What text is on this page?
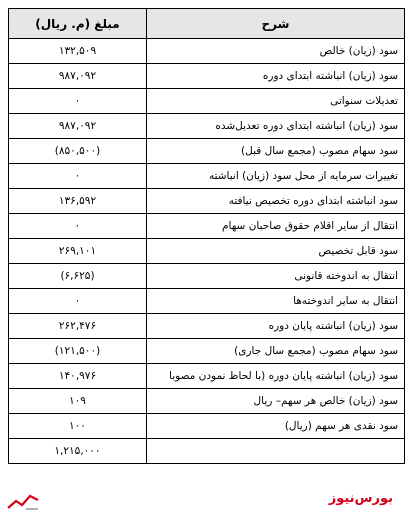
شرح	مبلغ (م. ریال)
سود (زیان) خالص	۱۳۲,۵۰۹
سود (زیان) انباشته ابتدای دوره	۹۸۷,۰۹۲
تعدیلات سنواتی	۰
سود (زیان) انباشته ابتدای دوره تعدیل‌شده	۹۸۷,۰۹۲
سود سهام مصوب (مجمع سال قبل)	(۸۵۰,۵۰۰)
تغییرات سرمایه از محل سود (زیان) انباشته	۰
سود انباشته ابتدای دوره تخصیص نیافته	۱۳۶,۵۹۲
انتقال از سایر اقلام حقوق صاحبان سهام	۰
سود قابل تخصیص	۲۶۹,۱۰۱
انتقال به اندوخته قانونی	(۶,۶۲۵)
انتقال به سایر اندوخته‌ها	۰
سود (زیان) انباشته پایان دوره	۲۶۲,۴۷۶
سود سهام مصوب (مجمع سال جاری)	(۱۲۱,۵۰۰)
سود (زیان) انباشته پایان دوره (با لحاظ نمودن مصوبا	۱۴۰,۹۷۶
سود (زیان) خالص هر سهم– ریال	۱۰۹
سود نقدی هر سهم (ریال)	۱۰۰
	۱,۲۱۵,۰۰۰
بورس‌نیوز
